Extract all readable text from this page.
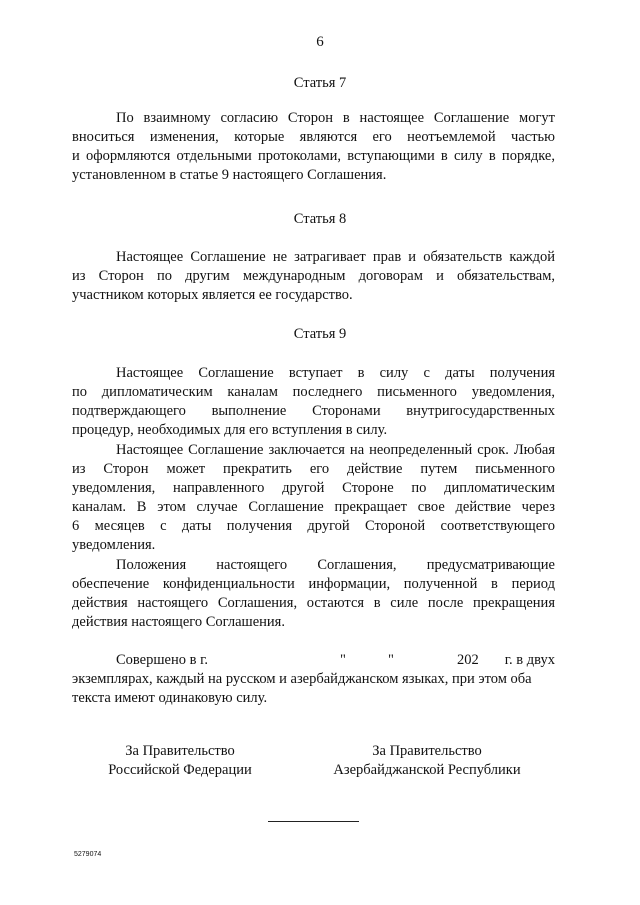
6
Статья 7
По взаимному согласию Сторон в настоящее Соглашение могут
вноситься изменения, которые являются его неотъемлемой частью
и оформляются отдельными протоколами, вступающими в силу в порядке,
установленном в статье 9 настоящего Соглашения.
Статья 8
Настоящее Соглашение не затрагивает прав и обязательств каждой
из Сторон по другим международным договорам и обязательствам,
участником которых является ее государство.
Статья 9
Настоящее Соглашение вступает в силу с даты получения
по дипломатическим каналам последнего письменного уведомления,
подтверждающего выполнение Сторонами внутригосударственных
процедур, необходимых для его вступления в силу.
Настоящее Соглашение заключается на неопределенный срок. Любая
из Сторон может прекратить его действие путем письменного
уведомления, направленного другой Стороне по дипломатическим
каналам. В этом случае Соглашение прекращает свое действие через
6 месяцев с даты получения другой Стороной соответствующего
уведомления.
Положения настоящего Соглашения, предусматривающие
обеспечение конфиденциальности информации, полученной в период
действия настоящего Соглашения, остаются в силе после прекращения
действия настоящего Соглашения.
Совершено в г.	"	"	202 г. в двух
экземплярах, каждый на русском и азербайджанском языках, при этом оба
текста имеют одинаковую силу.
За Правительство
Российской Федерации
За Правительство
Азербайджанской Республики
5279074
